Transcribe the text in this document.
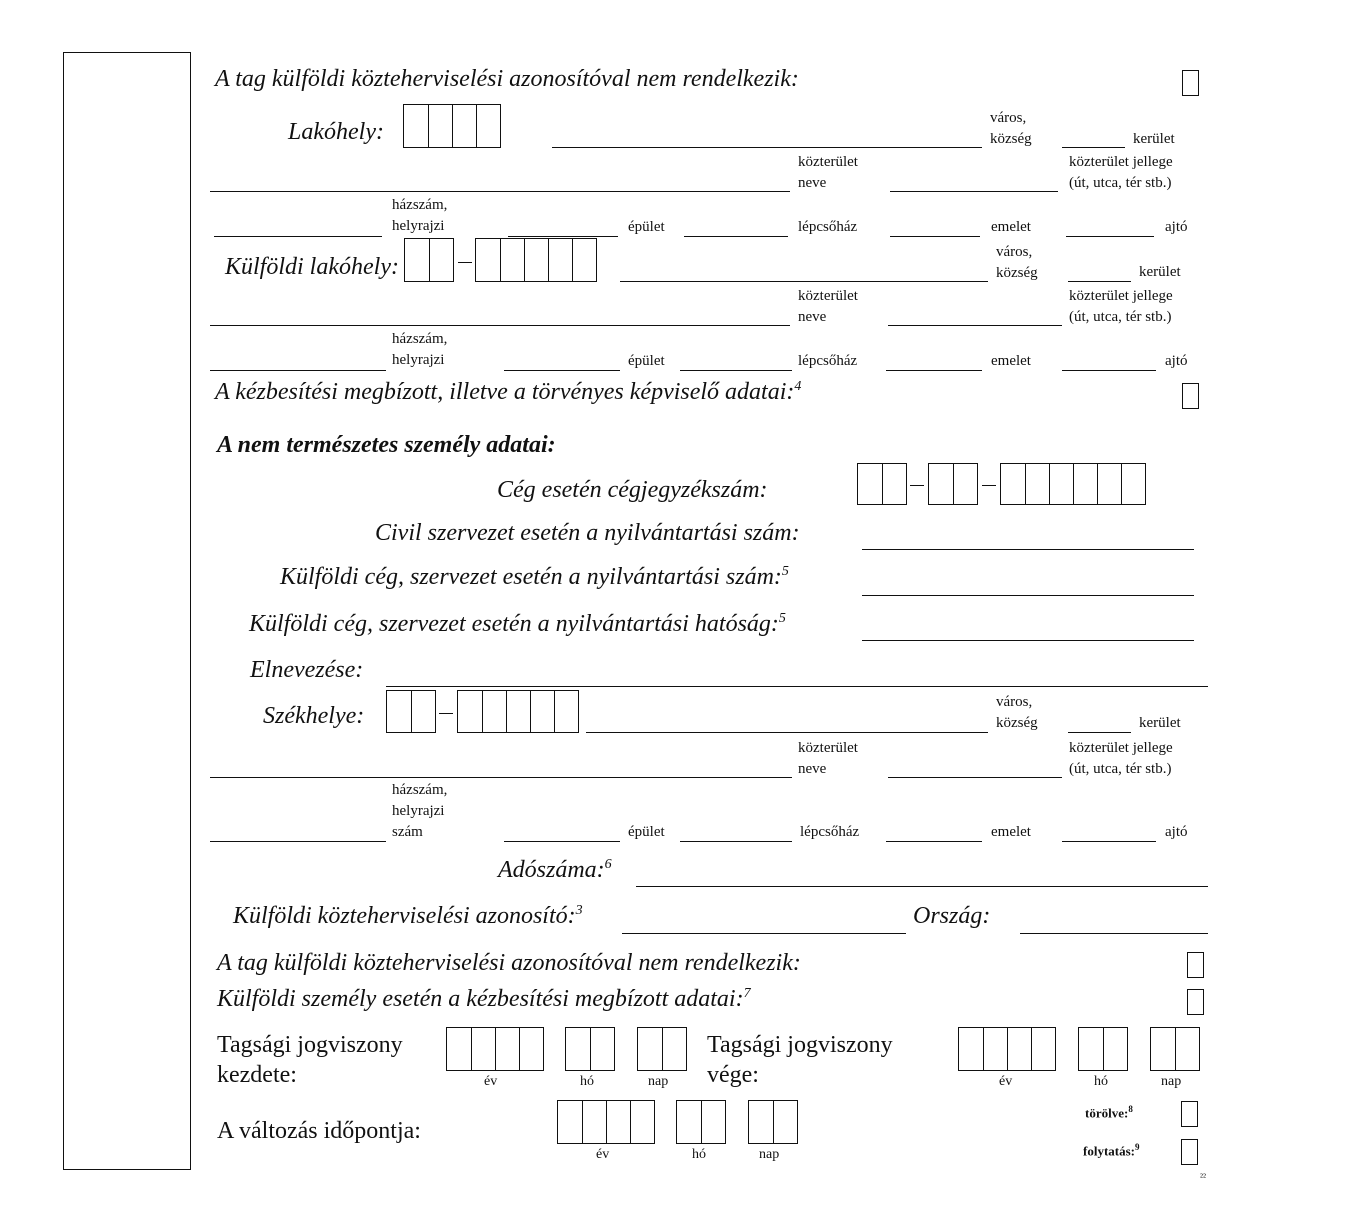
A tag külföldi közteherviselési azonosítóval nem rendelkezik:
Lakóhely:
város,
község	kerület
közterület
neve
közterület jellege
(út, utca, tér stb.)
házszám,
helyrajzi	épület	lépcsőház	emelet	ajtó
Külföldi lakóhely:
város,
község	kerület
közterület
neve
közterület jellege
(út, utca, tér stb.)
házszám,
helyrajzi	épület	lépcsőház	emelet	ajtó
A kézbesítési megbízott, illetve a törvényes képviselő adatai:$^4$
A nem természetes személy adatai:
Cég esetén cégjegyzékszám:
Civil szervezet esetén a nyilvántartási szám:
Külföldi cég, szervezet esetén a nyilvántartási szám:$^5$
Külföldi cég, szervezet esetén a nyilvántartási hatóság:$^5$
Elnevezése:
Székhelye:
város,
község	kerület
közterület
neve
közterület jellege
(út, utca, tér stb.)
házszám,
helyrajzi
szám	épület	lépcsőház	emelet	ajtó
Adószáma:$^6$
Külföldi közteherviselési azonosító:$^3$	Ország:
A tag külföldi közteherviselési azonosítóval nem rendelkezik:
Külföldi személy esetén a kézbesítési megbízott adatai:$^7$
Tagsági jogviszony
kezdete:	év	hó	nap
Tagsági jogviszony
vége:	év	hó	nap
A változás időpontja:
év	hó	nap
törölve:$^8$
folytatás:$^9$
²²
